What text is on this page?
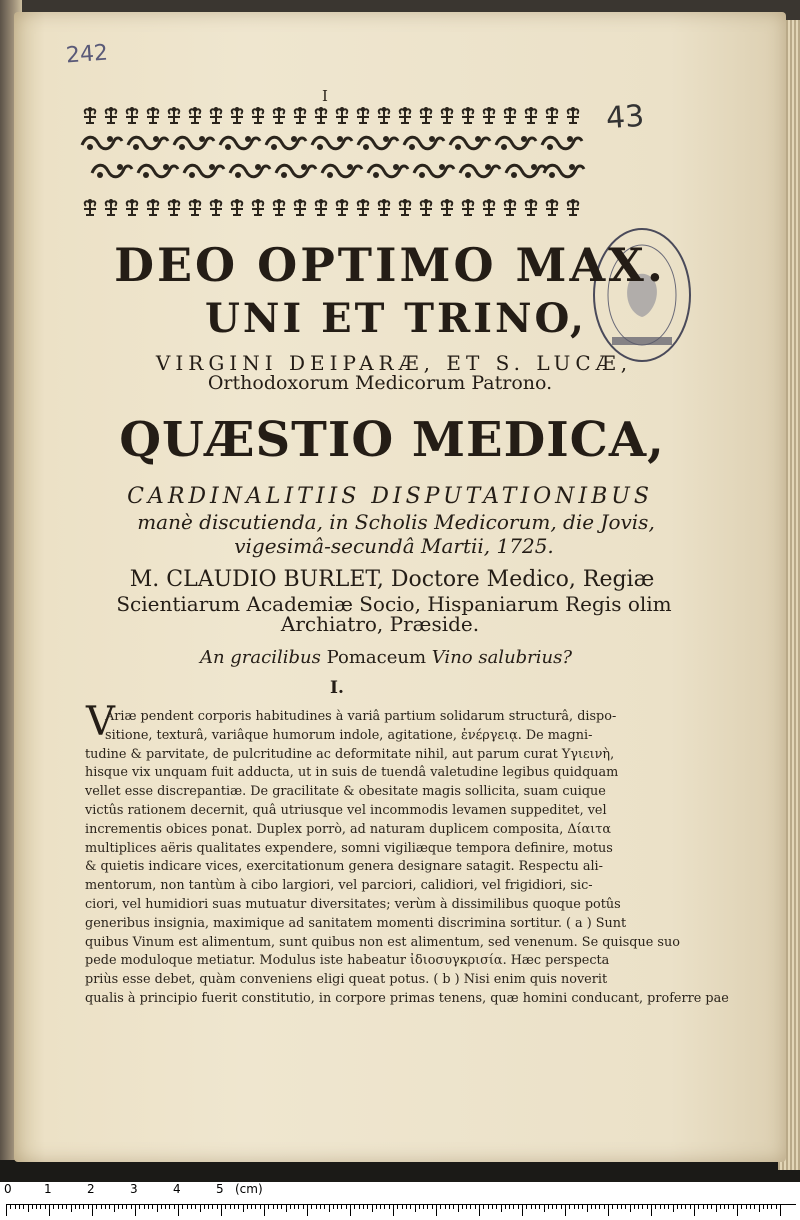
242
43
I
DEO OPTIMO MAX.
UNI ET TRINO,
VIRGINI DEIPARÆ, ET S. LUCÆ,
Orthodoxorum Medicorum Patrono.
QUÆSTIO MEDICA,
CARDINALITIIS DISPUTATIONIBUS
manè discutienda, in Scholis Medicorum, die Jovis,
vigesimâ-secundâ Martii, 1725.
M. CLAUDIO BURLET, Doctore Medico, Regiæ
Scientiarum Academiæ Socio, Hispaniarum Regis olim
Archiatro, Præside.
An gracilibus Pomaceum Vino salubrius?
I.
V
Ariæ pendent corporis habitudines à variâ partium solidarum structurâ, dispo-
sitione, texturâ, variâque humorum indole, agitatione, ἐνέργειᾳ. De magni-
tudine & parvitate, de pulcritudine ac deformitate nihil, aut parum curat Υγιεινὴ,
hisque vix unquam fuit adducta, ut in suis de tuendâ valetudine legibus quidquam
vellet esse discrepantiæ. De gracilitate & obesitate magis sollicita, suam cuique
victûs rationem decernit, quâ utriusque vel incommodis levamen suppeditet, vel
incrementis obices ponat. Duplex porrò, ad naturam duplicem composita, Δίαιτα
multiplices aëris qualitates expendere, somni vigiliæque tempora definire, motus
& quietis indicare vices, exercitationum genera designare satagit. Respectu ali-
mentorum, non tantùm à cibo largiori, vel parciori, calidiori, vel frigidiori, sic-
ciori, vel humidiori suas mutuatur diversitates; verùm à dissimilibus quoque potûs
generibus insignia, maximique ad sanitatem momenti discrimina sortitur. ( a ) Sunt
quibus Vinum est alimentum, sunt quibus non est alimentum, sed venenum. Se quisque suo
pede moduloque metiatur. Modulus iste habeatur ἰδιοσυγκρισία. Hæc perspecta
priùs esse debet, quàm conveniens eligi queat potus. ( b ) Nisi enim quis noverit
qualis à principio fuerit constitutio, in corpore primas tenens, quæ homini conducant, proferre pae
0	1	2	3	4	5 (cm)
